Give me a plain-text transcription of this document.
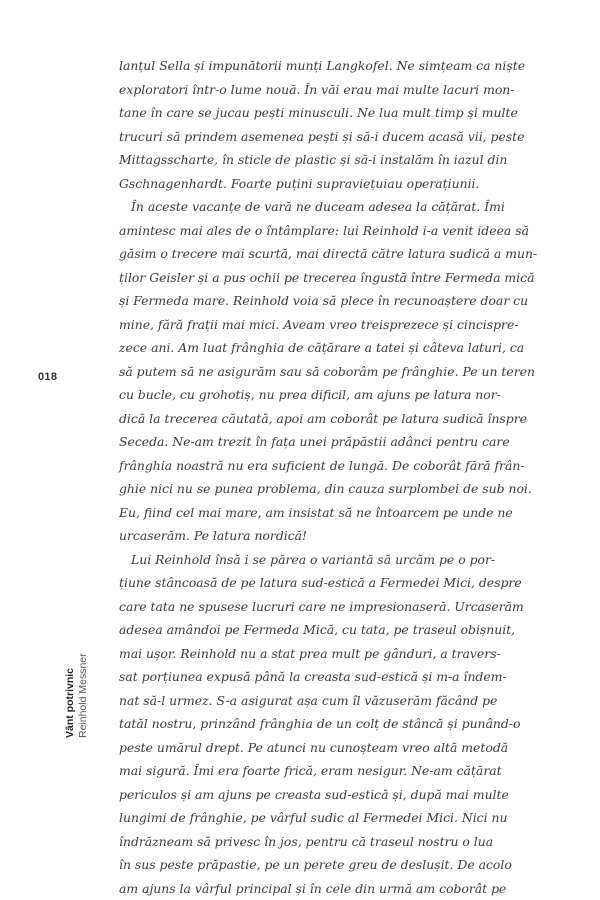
lanțul Sella și impunătorii munți Langkofel. Ne simțeam ca niște
exploratori într-o lume nouă. În văi erau mai multe lacuri mon-
tane în care se jucau pești minusculi. Ne lua mult timp și multe
trucuri să prindem asemenea pești și să-i ducem acasă vii, peste
Mittagsscharte, în sticle de plastic și să-i instalăm în iazul din
Gschnagenhardt. Foarte puțini supraviețuiau operațiunii.
În aceste vacanțe de vară ne duceam adesea la cățărat. Îmi
amintesc mai ales de o întâmplare: lui Reinhold i-a venit ideea să
găsim o trecere mai scurtă, mai directă către latura sudică a mun-
ților Geisler și a pus ochii pe trecerea îngustă între Fermeda mică
și Fermeda mare. Reinhold voia să plece în recunoaștere doar cu
mine, fără frații mai mici. Aveam vreo treisprezece și cincispre-
zece ani. Am luat frânghia de cățărare a tatei și câteva laturi, ca
să putem să ne asigurăm sau să coborâm pe frânghie. Pe un teren
cu bucle, cu grohotiș, nu prea dificil, am ajuns pe latura nor-
dică la trecerea căutată, apoi am coborât pe latura sudică înspre
Seceda. Ne-am trezit în fața unei prăpăstii adânci pentru care
frânghia noastră nu era suficient de lungă. De coborât fără frân-
ghie nici nu se punea problema, din cauza surplombei de sub noi.
Eu, fiind cel mai mare, am insistat să ne întoarcem pe unde ne
urcaserăm. Pe latura nordică!
Lui Reinhold însă i se părea o variantă să urcăm pe o por-
țiune stâncoasă de pe latura sud-estică a Fermedei Mici, despre
care tata ne spusese lucruri care ne impresionaseră. Urcaserăm
adesea amândoi pe Fermeda Mică, cu tata, pe traseul obișnuit,
mai ușor. Reinhold nu a stat prea mult pe gânduri, a travers-
sat porțiunea expusă până la creasta sud-estică și m-a îndem-
nat să-l urmez. S-a asigurat așa cum îl văzuserăm făcând pe
tatăl nostru, prinzând frânghia de un colț de stâncă și punând-o
peste umărul drept. Pe atunci nu cunoșteam vreo altă metodă
mai sigură. Îmi era foarte frică, eram nesigur. Ne-am cățărat
periculos și am ajuns pe creasta sud-estică și, după mai multe
lungimi de frânghie, pe vârful sudic al Fermedei Mici. Nici nu
îndrăzneam să privesc în jos, pentru că traseul nostru o lua
în sus peste prăpastie, pe un perete greu de deslușit. De acolo
am ajuns la vârful principal și în cele din urmă am coborât pe
018
Vânt potrivnic Reinhold Messner
